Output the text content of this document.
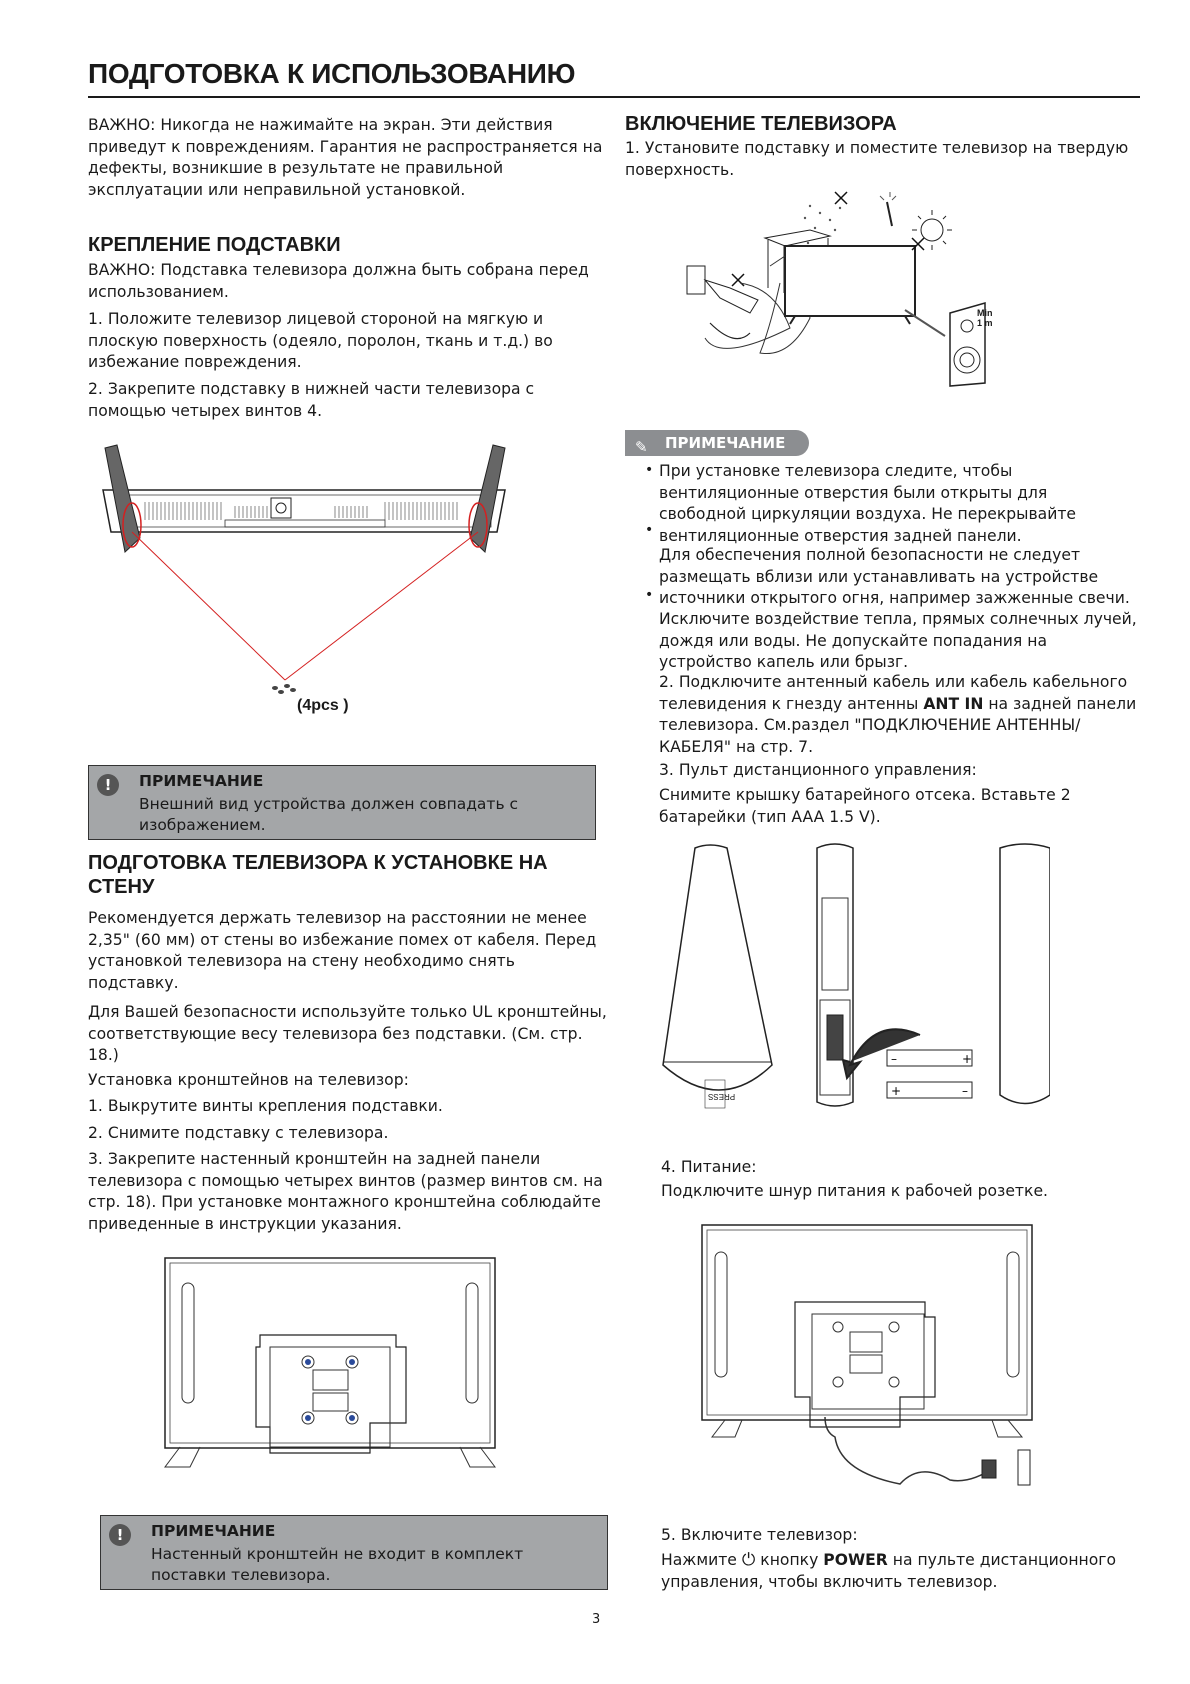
ПОДГОТОВКА К ИСПОЛЬЗОВАНИЮ
ВАЖНО: Никогда не нажимайте на экран. Эти действия приведут к повреждениям. Гарантия не распространяется на дефекты, возникшие в результате не правильной эксплуатации или неправильной установкой.
КРЕПЛЕНИЕ ПОДСТАВКИ
ВАЖНО: Подставка телевизора должна быть собрана перед использованием.
1. Положите телевизор лицевой стороной на мягкую и плоскую поверхность (одеяло, поролон, ткань и т.д.) во избежание повреждения.
2. Закрепите подставку в нижней части телевизора с помощью четырех винтов 4.
(4pcs )
!	ПРИМЕЧАНИЕ
Внешний вид устройства должен совпадать с изображением.
ПОДГОТОВКА ТЕЛЕВИЗОРА К УСТАНОВКЕ НА СТЕНУ
Рекомендуется держать телевизор на расстоянии не менее 2,35" (60 мм) от стены во избежание помех от кабеля. Перед установкой телевизора на стену необходимо снять подставку.
Для Вашей безопасности используйте только UL кронштейны, соответствующие весу телевизора без подставки. (См. стр. 18.)
Установка кронштейнов на телевизор:
1. Выкрутите винты крепления подставки.
2. Снимите подставку с телевизора.
3. Закрепите настенный кронштейн на задней панели телевизора с помощью четырех винтов (размер винтов см. на стр. 18). При установке монтажного кронштейна соблюдайте приведенные в инструкции указания.
!	ПРИМЕЧАНИЕ
Настенный кронштейн не входит в комплект поставки телевизора.
ВКЛЮЧЕНИЕ ТЕЛЕВИЗОРА
1. Установите подставку и поместите телевизор на твердую поверхность.
Min
1 m
✎ ПРИМЕЧАНИЕ
• При установке телевизора следите, чтобы вентиляционные отверстия были открыты для свободной циркуляции воздуха. Не перекрывайте вентиляционные отверстия задней панели.
•
Для обеспечения полной безопасности не следует размещать вблизи или устанавливать на устройстве источники открытого огня, например зажженные свечи.
•
Исключите воздействие тепла, прямых солнечных лучей, дождя или воды. Не допускайте попадания на устройство капель или брызг.
2. Подключите антенный кабель или кабель кабельного телевидения к гнезду антенны ANT IN на задней панели телевизора. См.раздел "ПОДКЛЮЧЕНИЕ АНТЕННЫ/ КАБЕЛЯ" на стр. 7.
3. Пульт дистанционного управления:
Снимите крышку батарейного отсека. Вставьте 2 батарейки (тип AAA 1.5 V).
–	+
+	–
PRESS
4. Питание:
Подключите шнур питания к рабочей розетке.
5. Включите телевизор:
Нажмите ⏻ кнопку POWER на пульте дистанционного управления, чтобы включить телевизор.
3
